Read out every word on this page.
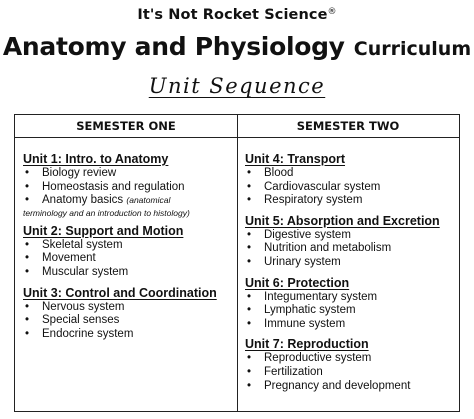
It's Not Rocket Science®
Anatomy and Physiology Curriculum
Unit Sequence
SEMESTER ONE	SEMESTER TWO
Unit 1: Intro. to Anatomy
• Biology review
• Homeostasis and regulation
• Anatomy basics (anatomical
terminology and an introduction to histology)
Unit 2: Support and Motion
• Skeletal system
• Movement
• Muscular system
Unit 3: Control and Coordination
• Nervous system
• Special senses
• Endocrine system
Unit 4: Transport
• Blood
• Cardiovascular system
• Respiratory system
Unit 5: Absorption and Excretion
• Digestive system
• Nutrition and metabolism
• Urinary system
Unit 6: Protection
• Integumentary system
• Lymphatic system
• Immune system
Unit 7: Reproduction
• Reproductive system
• Fertilization
• Pregnancy and development
